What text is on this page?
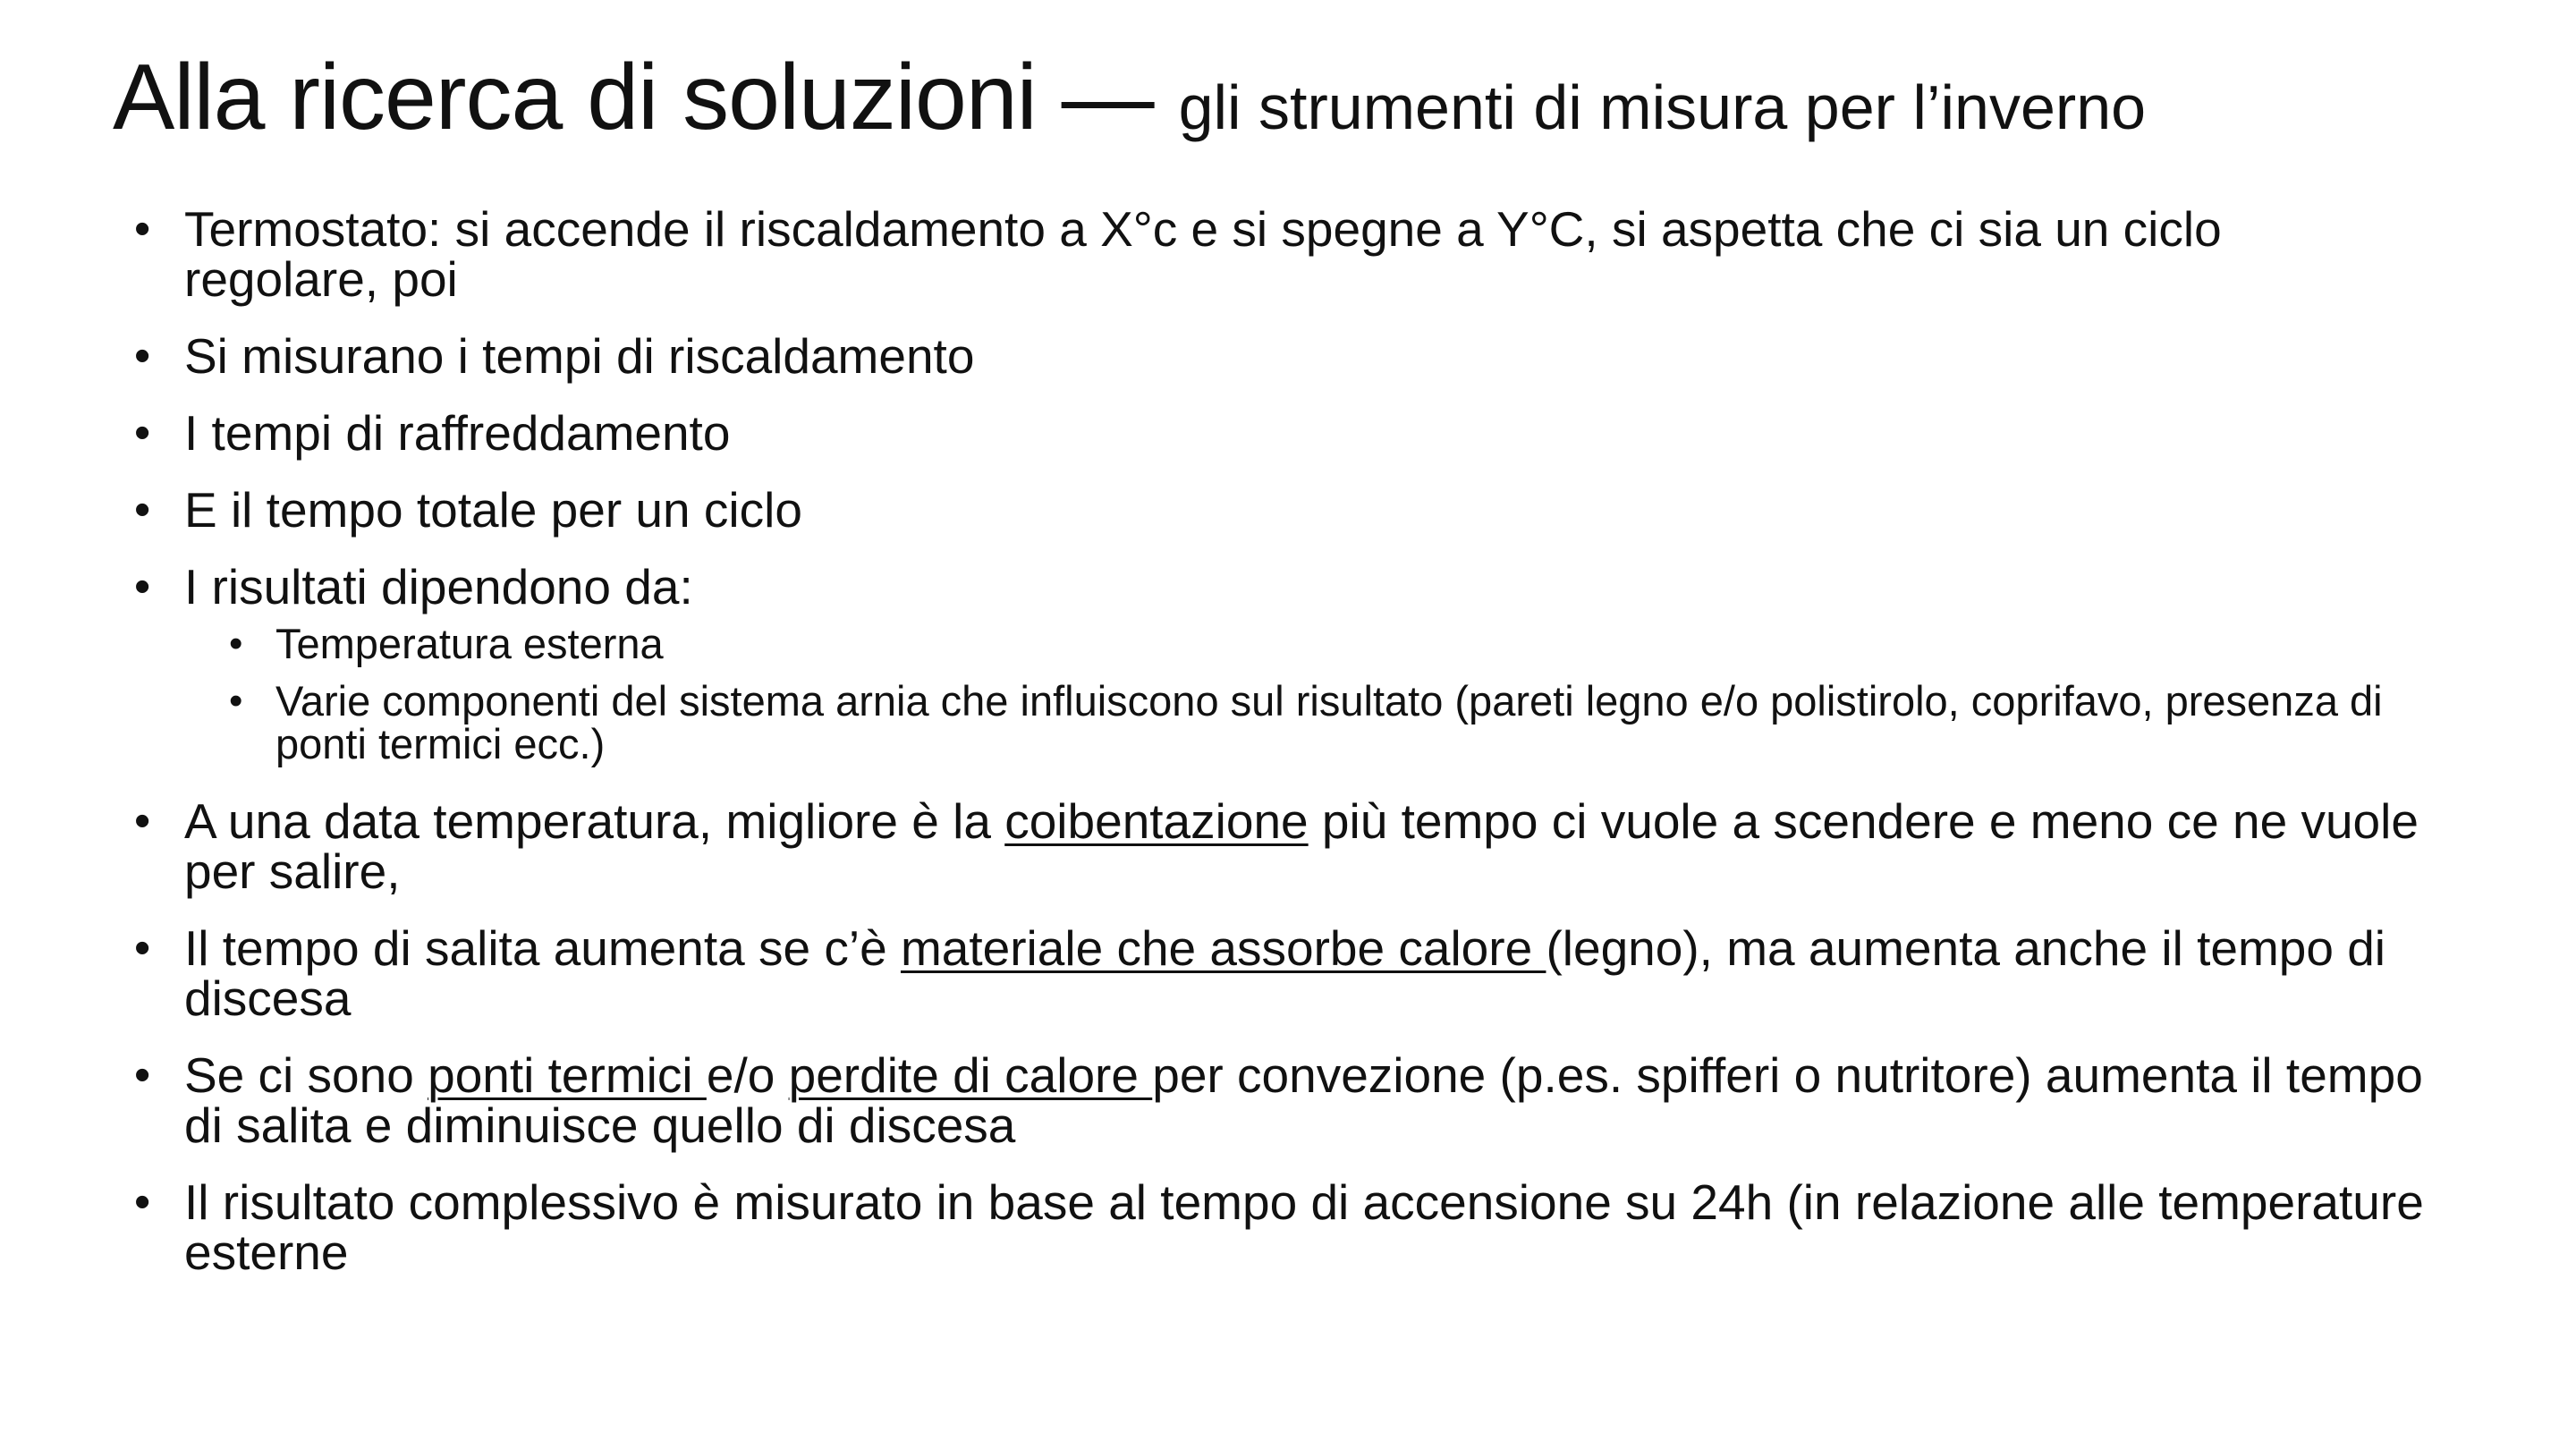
Alla ricerca di soluzioni — gli strumenti di misura per l’inverno
• Termostato: si accende il riscaldamento a X°c e si spegne a Y°C, si aspetta che ci sia un ciclo regolare, poi
• Si misurano i tempi di riscaldamento
• I tempi di raffreddamento
• E il tempo totale per un ciclo
• I risultati dipendono da:
• Temperatura esterna
• Varie componenti del sistema arnia che influiscono sul risultato (pareti legno e/o polistirolo, coprifavo, presenza di ponti termici ecc.)
• A una data temperatura, migliore è la coibentazione più tempo ci vuole a scendere e meno ce ne vuole per salire,
• Il tempo di salita aumenta se c’è materiale che assorbe calore (legno), ma aumenta anche il tempo di discesa
• Se ci sono ponti termici e/o perdite di calore per convezione (p.es. spifferi o nutritore) aumenta il tempo di salita e diminuisce quello di discesa
• Il risultato complessivo è misurato in base al tempo di accensione su 24h (in relazione alle temperature esterne
